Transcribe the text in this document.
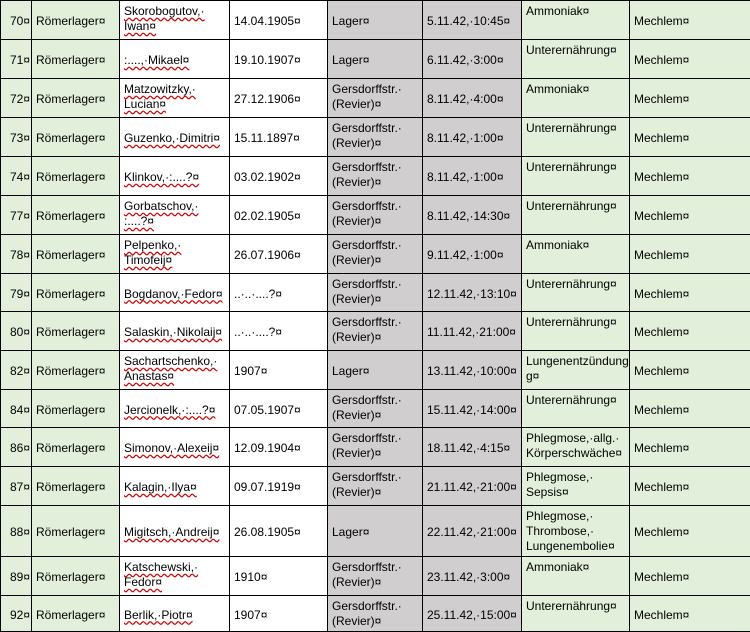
70¤	Römerlager¤	Skorobogutov,·
Iwan¤	14.04.1905¤	Lager¤	5.11.42,·10:45¤	Ammoniak¤	Mechlem¤
71¤	Römerlager¤	:....,·Mikael¤	19.10.1907¤	Lager¤	6.11.42,·3:00¤	Unterernährung¤	Mechlem¤
72¤	Römerlager¤	Matzowitzky,·
Lucian¤	27.12.1906¤	Gersdorffstr.·
(Revier)¤	8.11.42,·4:00¤	Ammoniak¤	Mechlem¤
73¤	Römerlager¤	Guzenko,·Dimitri¤	15.11.1897¤	Gersdorffstr.·
(Revier)¤	8.11.42,·1:00¤	Unterernährung¤	Mechlem¤
74¤	Römerlager¤	Klinkov,·:....?¤	03.02.1902¤	Gersdorffstr.·
(Revier)¤	8.11.42,·1:00¤	Unterernährung¤	Mechlem¤
77¤	Römerlager¤	Gorbatschov,·
:....?¤	02.02.1905¤	Gersdorffstr.·
(Revier)¤	8.11.42,·14:30¤	Unterernährung¤	Mechlem¤
78¤	Römerlager¤	Pelpenko,·
Timofeij¤	26.07.1906¤	Gersdorffstr.·
(Revier)¤	9.11.42,·1:00¤	Ammoniak¤	Mechlem¤
79¤	Römerlager¤	Bogdanov,·Fedor¤	..·..·....?¤	Gersdorffstr.·
(Revier)¤	12.11.42,·13:10¤	Unterernährung¤	Mechlem¤
80¤	Römerlager¤	Salaskin,·Nikolaij¤	..·..·....?¤	Gersdorffstr.·
(Revier)¤	11.11.42,·21:00¤	Unterernährung¤	Mechlem¤
82¤	Römerlager¤	Sachartschenko,·
Anastas¤	1907¤	Lager¤	13.11.42,·10:00¤	Lungenentzündung
g¤	Mechlem¤
84¤	Römerlager¤	Jercionelk,·:....?¤	07.05.1907¤	Gersdorffstr.·
(Revier)¤	15.11.42,·14:00¤	Unterernährung¤	Mechlem¤
86¤	Römerlager¤	Simonov,·Alexeij¤	12.09.1904¤	Gersdorffstr.·
(Revier)¤	18.11.42,·4:15¤	Phlegmose,·allg.·
Körperschwäche¤	Mechlem¤
87¤	Römerlager¤	Kalagin,·Ilya¤	09.07.1919¤	Gersdorffstr.·
(Revier)¤	21.11.42,·21:00¤	Phlegmose,·
Sepsis¤	Mechlem¤
88¤	Römerlager¤	Migitsch,·Andreij¤	26.08.1905¤	Lager¤	22.11.42,·21:00¤	Phlegmose,·
Thrombose,·
Lungenembolie¤	Mechlem¤
89¤	Römerlager¤	Katschewski,·
Fedor¤	1910¤	Gersdorffstr.·
(Revier)¤	23.11.42,·3:00¤	Ammoniak¤	Mechlem¤
92¤	Römerlager¤	Berlik,·Piotr¤	1907¤	Gersdorffstr.·
(Revier)¤	25.11.42,·15:00¤	Unterernährung¤	Mechlem¤
